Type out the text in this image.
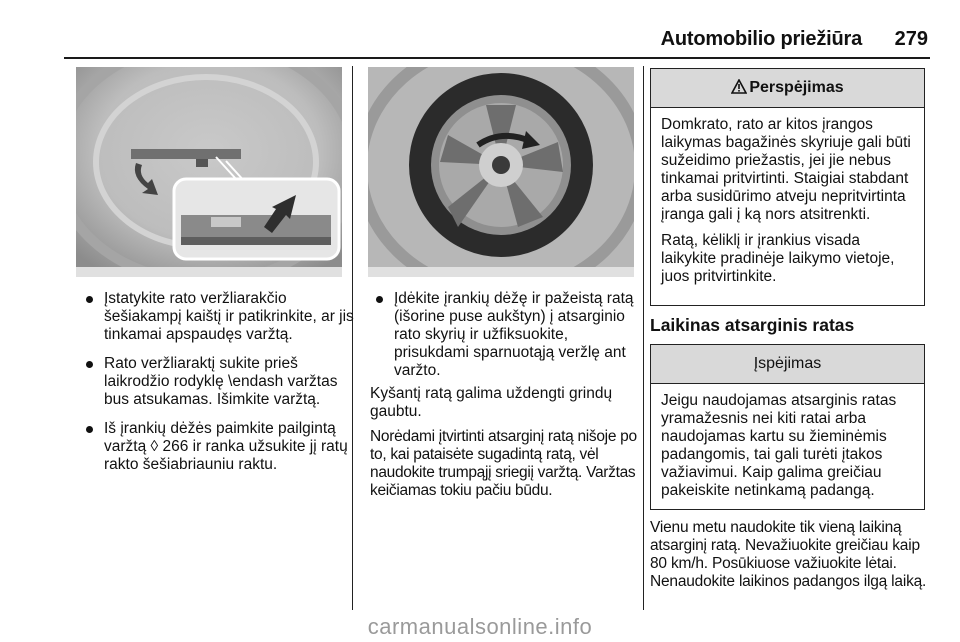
Automobilio priežiūra	279
Įstatykite rato veržliarakčio šešiakampį kaištį ir patikrinkite, ar jis tinkamai apspaudęs varžtą.
Rato veržliaraktį sukite prieš laikrodžio rodyklę \endash varžtas bus atsukamas. Išimkite varžtą.
Iš įrankių dėžės paimkite pailgintą varžtą ◊ 266 ir ranka užsukite jį ratų rakto šešiabriauniu raktu.
Įdėkite įrankių dėžę ir pažeistą ratą (išorine puse aukštyn) į atsarginio rato skyrių ir užfiksuokite, prisukdami sparnuotąją veržlę ant varžto.

Kyšantį ratą galima uždengti grindų gaubtu.

Norėdami įtvirtinti atsarginį ratą nišoje po to, kai pataisėte sugadintą ratą, vėl naudokite trumpąjį sriegiį varžtą. Varžtas keičiamas tokiu pačiu būdu.

Perspėjimas

Domkrato, rato ar kitos įrangos laikymas bagažinės skyriuje gali būti sužeidimo priežastis, jei jie nebus tinkamai pritvirtinti. Staigiai stabdant arba susidūrimo atveju nepritvirtinta įranga gali į ką nors atsitrenkti.

Ratą, kėliklį ir įrankius visada laikykite pradinėje laikymo vietoje, juos pritvirtinkite.

Laikinas atsarginis ratas
Įspėjimas

Jeigu naudojamas atsarginis ratas yramažesnis nei kiti ratai arba naudojamas kartu su žieminėmis padangomis, tai gali turėti įtakos važiavimui. Kaip galima greičiau pakeiskite netinkamą padangą.

Vienu metu naudokite tik vieną laikiną atsarginį ratą. Nevažiuokite greičiau kaip 80 km/h. Posūkiuose važiuokite lėtai. Nenaudokite laikinos padangos ilgą laiką.

carmanualsonline.info
